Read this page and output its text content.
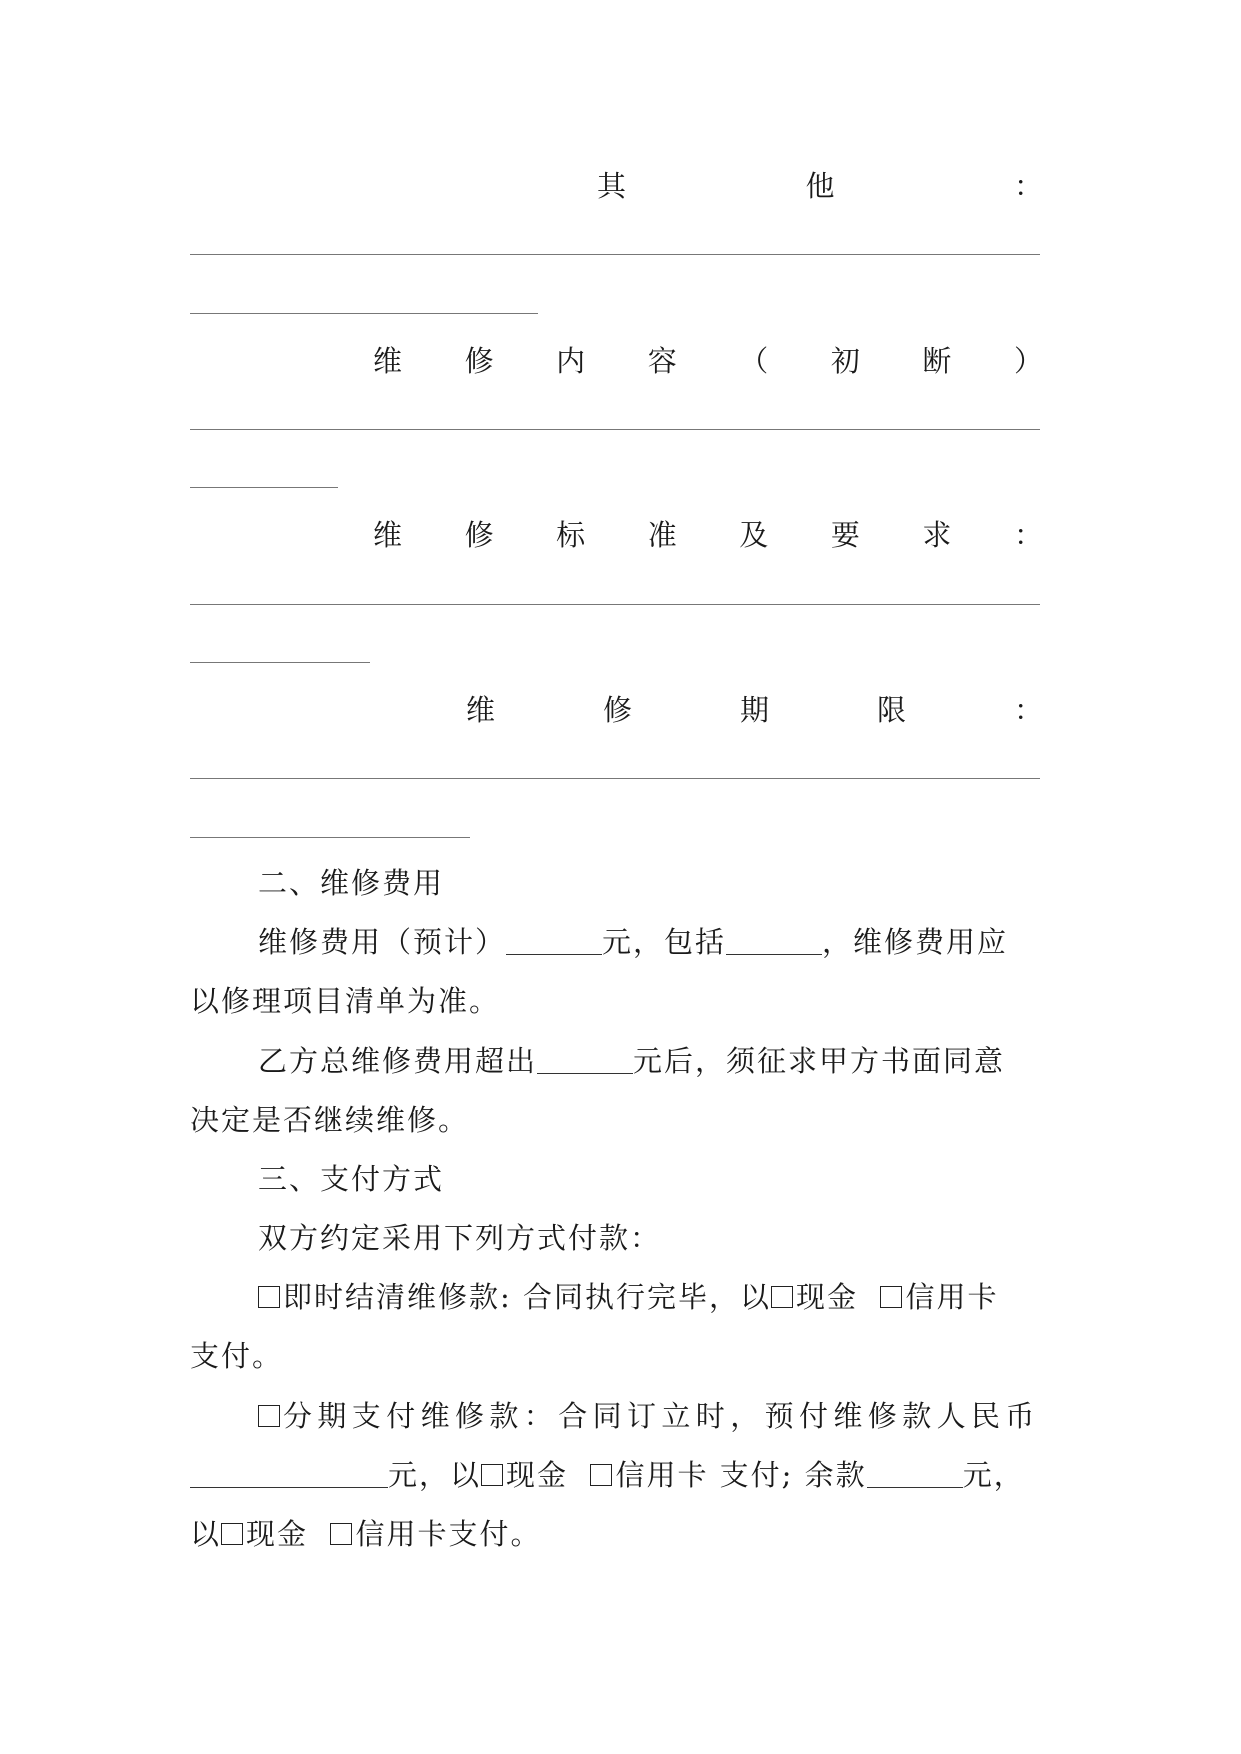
其	他	：
维 修 内 容 （ 初 断 ）
维 修 标 准 及 要 求 ：
维	修	期	限	：
二、维修费用
维修费用（预计）	元，包括	，维修费用应
以修理项目清单为准。
乙方总维修费用超出	元后，须征求甲方书面同意
决定是否继续维修。
三、支付方式
双方约定采用下列方式付款：
即时结清维修款: 合同执行完毕，以 现金 信用卡
支付。
分期支付维修款：合同订立时，预付维修款人民币
元，以 现金 信用卡 支付; 余款	元，
以 现金 信用卡支付。
